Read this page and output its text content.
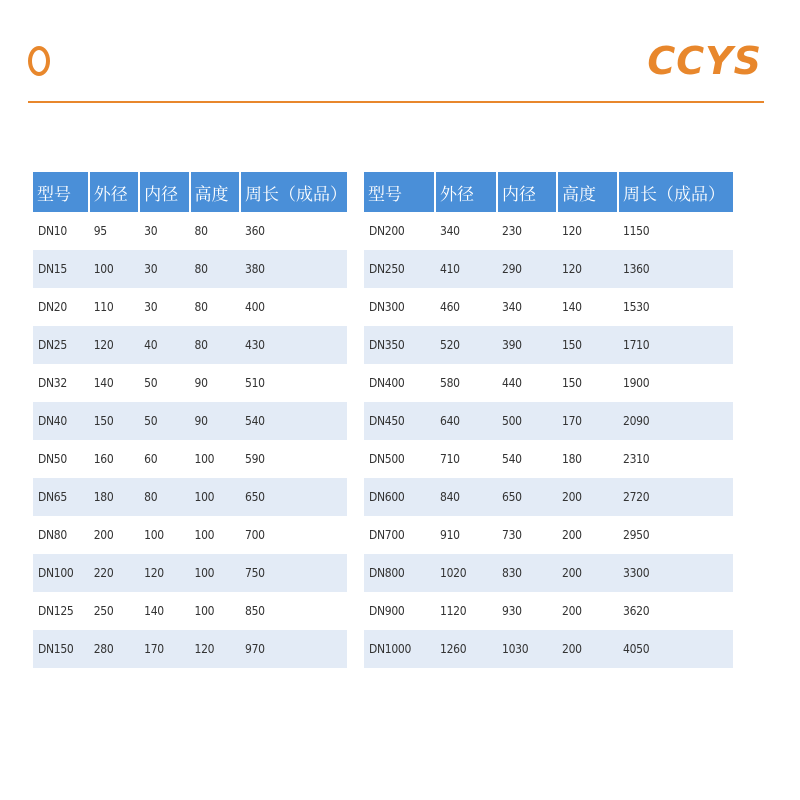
CCYS
型号	外径	内径	高度	周长（成品）
DN10	95	30	80	360
DN15	100	30	80	380
DN20	110	30	80	400
DN25	120	40	80	430
DN32	140	50	90	510
DN40	150	50	90	540
DN50	160	60	100	590
DN65	180	80	100	650
DN80	200	100	100	700
DN100	220	120	100	750
DN125	250	140	100	850
DN150	280	170	120	970
型号	外径	内径	高度	周长（成品）
DN200	340	230	120	1150
DN250	410	290	120	1360
DN300	460	340	140	1530
DN350	520	390	150	1710
DN400	580	440	150	1900
DN450	640	500	170	2090
DN500	710	540	180	2310
DN600	840	650	200	2720
DN700	910	730	200	2950
DN800	1020	830	200	3300
DN900	1120	930	200	3620
DN1000	1260	1030	200	4050
